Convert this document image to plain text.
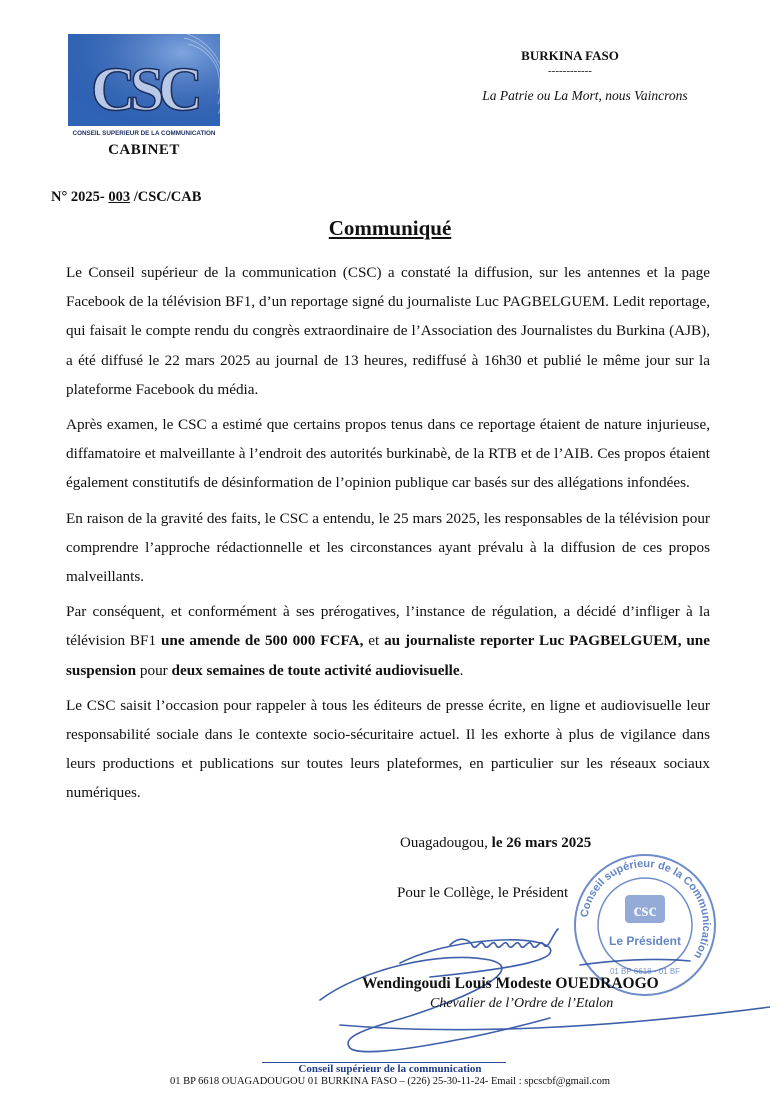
CSC
CONSEIL SUPERIEUR DE LA COMMUNICATION
CABINET
BURKINA FASO
------------
La Patrie ou La Mort, nous Vaincrons
N° 2025- 003 /CSC/CAB
Communiqué

Le Conseil supérieur de la communication (CSC) a constaté la diffusion, sur les antennes et la page Facebook de la télévision BF1, d’un reportage signé du journaliste Luc PAGBELGUEM. Ledit reportage, qui faisait le compte rendu du congrès extraordinaire de l’Association des Journalistes du Burkina (AJB), a été diffusé le 22 mars 2025 au journal de 13 heures, rediffusé à 16h30 et publié le même jour sur la plateforme Facebook du média.

Après examen, le CSC a estimé que certains propos tenus dans ce reportage étaient de nature injurieuse, diffamatoire et malveillante à l’endroit des autorités burkinabè, de la RTB et de l’AIB. Ces propos étaient également constitutifs de désinformation de l’opinion publique car basés sur des allégations infondées.

En raison de la gravité des faits, le CSC a entendu, le 25 mars 2025, les responsables de la télévision pour comprendre l’approche rédactionnelle et les circonstances ayant prévalu à la diffusion de ces propos malveillants.

Par conséquent, et conformément à ses prérogatives, l’instance de régulation, a décidé d’infliger à la télévision BF1 une amende de 500 000 FCFA, et au journaliste reporter Luc PAGBELGUEM, une suspension pour deux semaines de toute activité audiovisuelle.

Le CSC saisit l’occasion pour rappeler à tous les éditeurs de presse écrite, en ligne et audiovisuelle leur responsabilité sociale dans le contexte socio-sécuritaire actuel. Il les exhorte à plus de vigilance dans leurs productions et publications sur toutes leurs plateformes, en particulier sur les réseaux sociaux numériques.

Ouagadougou, le 26 mars 2025
Pour le Collège, le Président
Conseil supérieur de la Communication
csc
Le Président
01 BP 6618 - 01 BF
Wendingoudi Louis Modeste OUEDRAOGO
Chevalier de l’Ordre de l’Etalon
Conseil supérieur de la communication
01 BP 6618 OUAGADOUGOU 01 BURKINA FASO – (226) 25-30-11-24- Email : spcscbf@gmail.com
